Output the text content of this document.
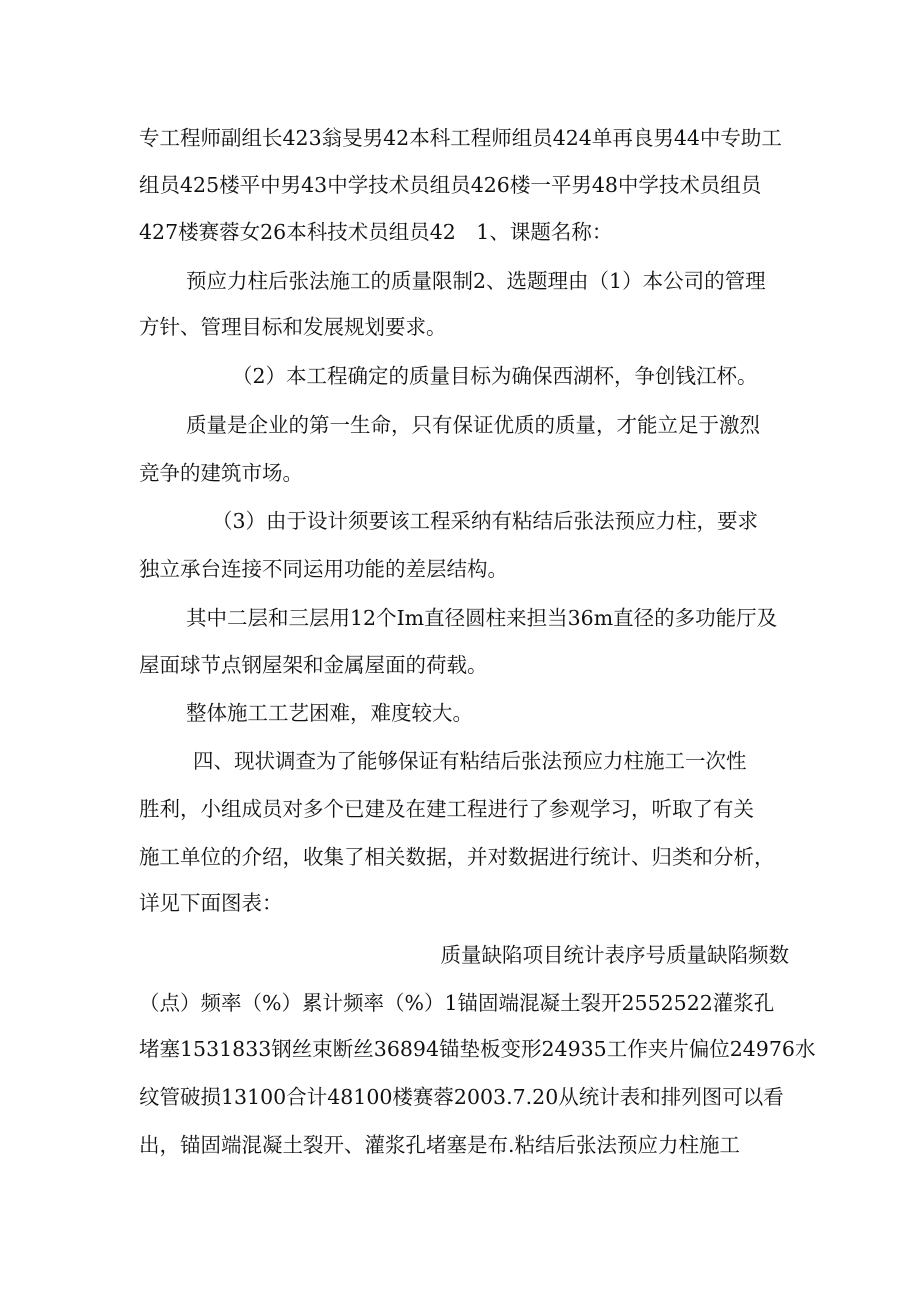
专工程师副组长423翁旻男42本科工程师组员424单再良男44中专助工
组员425楼平中男43中学技术员组员426楼一平男48中学技术员组员
427楼赛蓉女26本科技术员组员42　1、课题名称：
预应力柱后张法施工的质量限制2、选题理由（1）本公司的管理
方针、管理目标和发展规划要求。
（2）本工程确定的质量目标为确保西湖杯，争创钱江杯。
质量是企业的第一生命，只有保证优质的质量，才能立足于激烈
竞争的建筑市场。
（3）由于设计须要该工程采纳有粘结后张法预应力柱，要求
独立承台连接不同运用功能的差层结构。
其中二层和三层用12个Im直径圆柱来担当36m直径的多功能厅及
屋面球节点钢屋架和金属屋面的荷载。
整体施工工艺困难，难度较大。
四、现状调查为了能够保证有粘结后张法预应力柱施工一次性
胜利，小组成员对多个已建及在建工程进行了参观学习，听取了有关
施工单位的介绍，收集了相关数据，并对数据进行统计、归类和分析，
详见下面图表：
质量缺陷项目统计表序号质量缺陷频数
（点）频率（%）累计频率（%）1锚固端混凝土裂开2552522灌浆孔
堵塞1531833钢丝束断丝36894锚垫板变形24935工作夹片偏位24976水
纹管破损13100合计48100楼赛蓉2003.7.20从统计表和排列图可以看
出，锚固端混凝土裂开、灌浆孔堵塞是布.粘结后张法预应力柱施工
